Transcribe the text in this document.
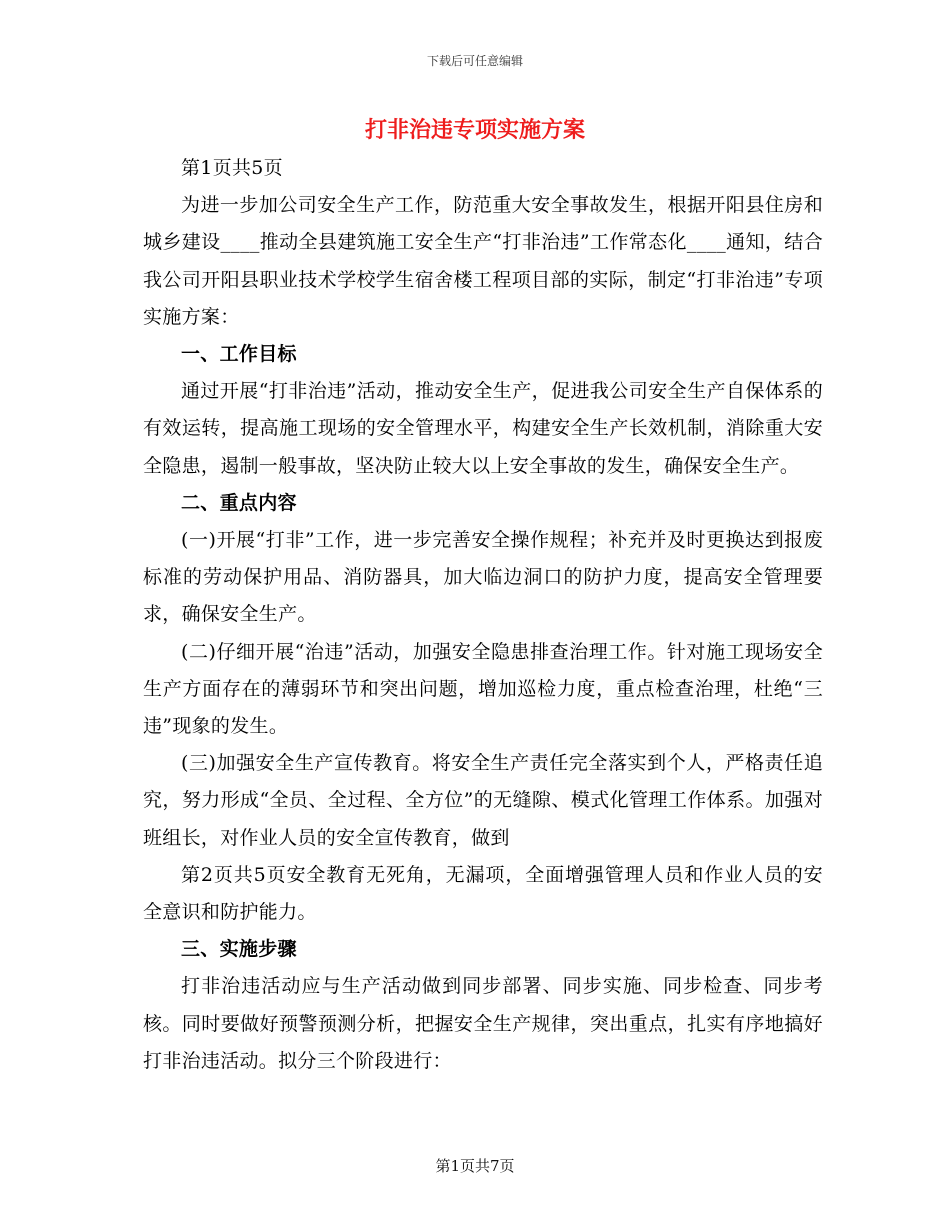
下载后可任意编辑
打非治违专项实施方案

第1页共5页

为进一步加公司安全生产工作，防范重大安全事故发生，根据开阳县住房和城乡建设____推动全县建筑施工安全生产“打非治违”工作常态化____通知，结合我公司开阳县职业技术学校学生宿舍楼工程项目部的实际，制定“打非治违”专项实施方案：

一、工作目标

通过开展“打非治违”活动，推动安全生产，促进我公司安全生产自保体系的有效运转，提高施工现场的安全管理水平，构建安全生产长效机制，消除重大安全隐患，遏制一般事故，坚决防止较大以上安全事故的发生，确保安全生产。

二、重点内容

(一)开展“打非”工作，进一步完善安全操作规程；补充并及时更换达到报废标准的劳动保护用品、消防器具，加大临边洞口的防护力度，提高安全管理要求，确保安全生产。

(二)仔细开展“治违”活动，加强安全隐患排查治理工作。针对施工现场安全生产方面存在的薄弱环节和突出问题，增加巡检力度，重点检查治理，杜绝“三违”现象的发生。

(三)加强安全生产宣传教育。将安全生产责任完全落实到个人，严格责任追究，努力形成“全员、全过程、全方位”的无缝隙、模式化管理工作体系。加强对班组长，对作业人员的安全宣传教育，做到

第2页共5页安全教育无死角，无漏项，全面增强管理人员和作业人员的安全意识和防护能力。

三、实施步骤

打非治违活动应与生产活动做到同步部署、同步实施、同步检查、同步考核。同时要做好预警预测分析，把握安全生产规律，突出重点，扎实有序地搞好打非治违活动。拟分三个阶段进行：

第1页共7页
